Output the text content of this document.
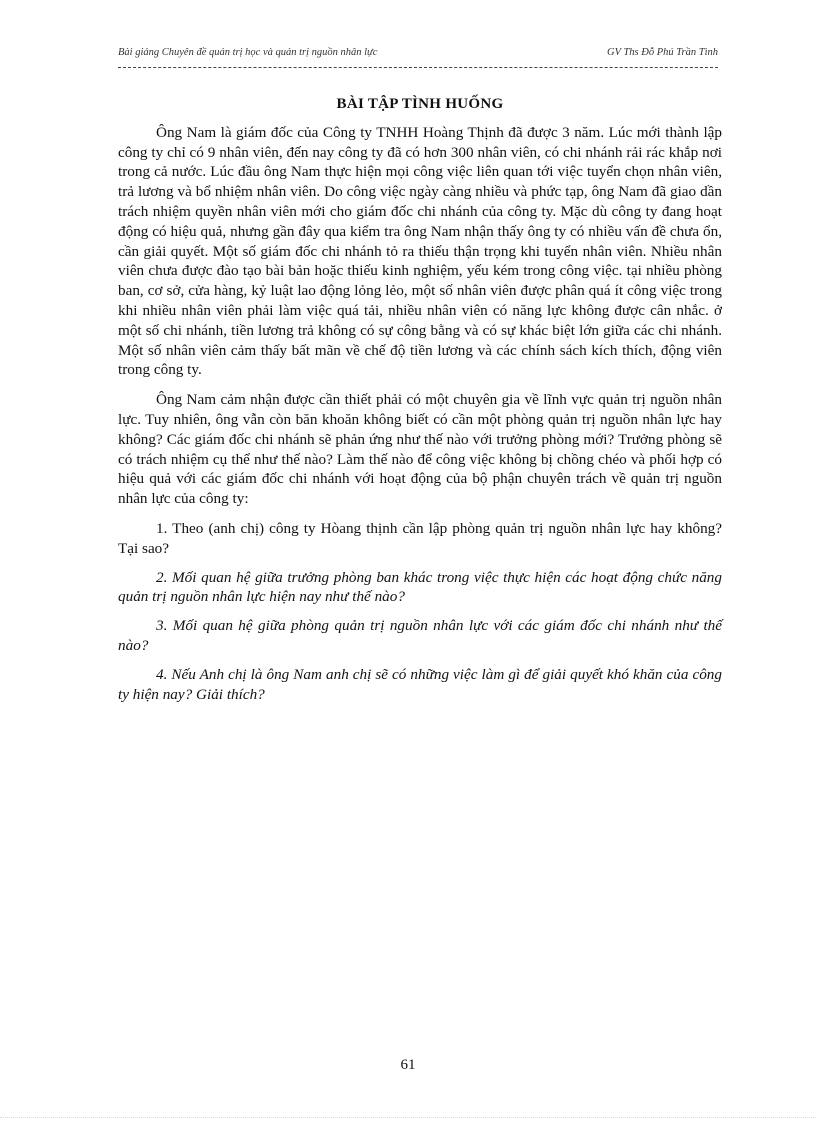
Bài giảng Chuyên đề quản trị học và quản trị nguồn nhân lực	GV Ths Đỗ Phú Trần Tình
BÀI TẬP TÌNH HUỐNG

Ông Nam là giám đốc của Công ty TNHH Hoàng Thịnh đã được 3 năm. Lúc mới thành lập công ty chỉ có 9 nhân viên, đến nay công ty đã có hơn 300 nhân viên, có chi nhánh rải rác khắp nơi trong cả nước. Lúc đầu ông Nam thực hiện mọi công việc liên quan tới việc tuyển chọn nhân viên, trả lương và bổ nhiệm nhân viên. Do công việc ngày càng nhiều và phức tạp, ông Nam đã giao dần trách nhiệm quyền nhân viên mới cho giám đốc chi nhánh của công ty. Mặc dù công ty đang hoạt động có hiệu quả, nhưng gần đây qua kiểm tra ông Nam nhận thấy ông ty có nhiều vấn đề chưa ổn, cần giải quyết. Một số giám đốc chi nhánh tỏ ra thiếu thận trọng khi tuyển nhân viên. Nhiều nhân viên chưa được đào tạo bài bản hoặc thiếu kinh nghiệm, yếu kém trong công việc. tại nhiều phòng ban, cơ sở, cửa hàng, kỷ luật lao động lỏng lẻo, một số nhân viên được phân quá ít công việc trong khi nhiều nhân viên phải làm việc quá tải, nhiều nhân viên có năng lực không được cân nhắc. ở một số chi nhánh, tiền lương trả không có sự công bằng và có sự khác biệt lớn giữa các chi nhánh. Một số nhân viên cảm thấy bất mãn về chế độ tiền lương và các chính sách kích thích, động viên trong công ty.

Ông Nam cảm nhận được cần thiết phải có một chuyên gia về lĩnh vực quản trị nguồn nhân lực. Tuy nhiên, ông vẫn còn băn khoăn không biết có cần một phòng quản trị nguồn nhân lực hay không? Các giám đốc chi nhánh sẽ phản ứng như thế nào với trưởng phòng mới? Trưởng phòng sẽ có trách nhiệm cụ thể như thế nào? Làm thế nào để công việc không bị chồng chéo và phối hợp có hiệu quả với các giám đốc chi nhánh với hoạt động của bộ phận chuyên trách về quản trị nguồn nhân lực của công ty:

1. Theo (anh chị) công ty Hòang thịnh cần lập phòng quản trị nguồn nhân lực hay không? Tại sao?

2. Mối quan hệ giữa trưởng phòng ban khác trong việc thực hiện các hoạt động chức năng quản trị nguồn nhân lực hiện nay như thế nào?

3. Mối quan hệ giữa phòng quản trị nguồn nhân lực với các giám đốc chi nhánh như thế nào?

4. Nếu Anh chị là ông Nam anh chị sẽ có những việc làm gì để giải quyết khó khăn của công ty hiện nay? Giải thích?

61
